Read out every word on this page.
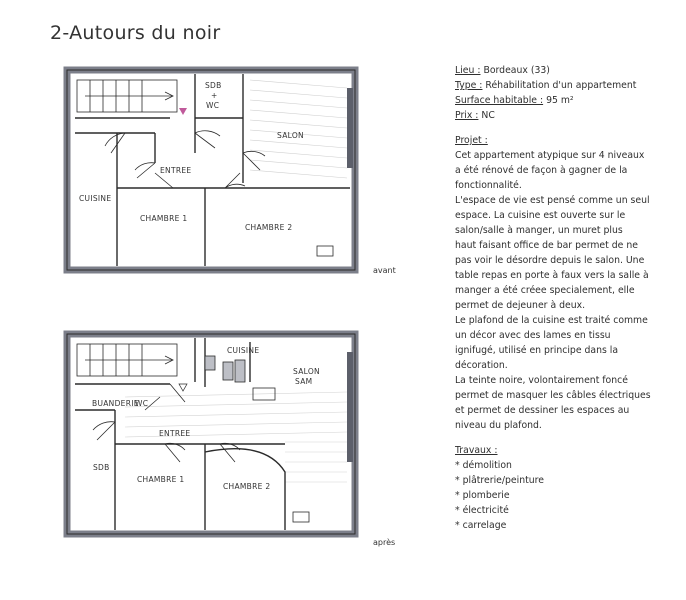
2-Autours du noir
SDB
+
WC
SALON
ENTREE
CUISINE
CHAMBRE 1
CHAMBRE 2
avant
CUISINE
SALON
SAM
BUANDERIE
WC
ENTREE
SDB
CHAMBRE 1
CHAMBRE 2
après
Lieu : Bordeaux (33)
Type : Réhabilitation d'un appartement
Surface habitable : 95 m²
Prix : NC
Projet :
Cet appartement atypique sur 4 niveaux
a été rénové de façon à gagner de la
fonctionnalité.
L'espace de vie est pensé comme un seul
espace. La cuisine est ouverte sur le
salon/salle à manger, un muret plus
haut faisant office de bar permet de ne
pas voir le désordre depuis le salon. Une
table repas en porte à faux vers la salle à
manger a été créee specialement, elle
permet de dejeuner à deux.
Le plafond de la cuisine est traité comme
un décor avec des lames en tissu
ignifugé, utilisé en principe dans la
décoration.
La teinte noire, volontairement foncé
permet de masquer les câbles électriques
et permet de dessiner les espaces au
niveau du plafond.
Travaux :
* démolition
* plâtrerie/peinture
* plomberie
* électricité
* carrelage
